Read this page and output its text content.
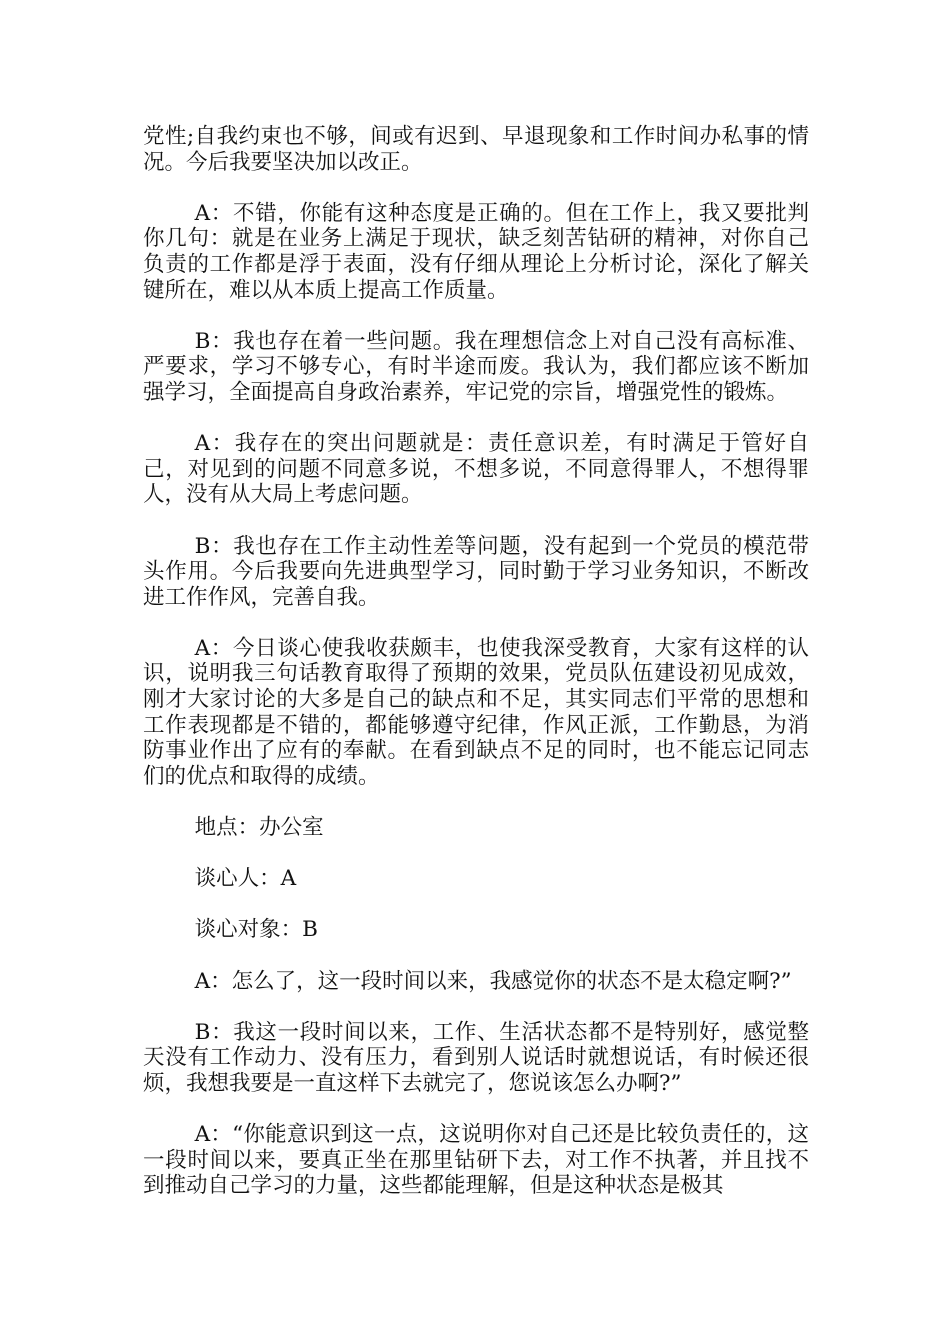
党性;自我约束也不够，间或有迟到、早退现象和工作时间办私事的情况。今后我要坚决加以改正。

A：不错，你能有这种态度是正确的。但在工作上，我又要批判你几句：就是在业务上满足于现状，缺乏刻苦钻研的精神，对你自己负责的工作都是浮于表面，没有仔细从理论上分析讨论，深化了解关键所在，难以从本质上提高工作质量。

B：我也存在着一些问题。我在理想信念上对自己没有高标准、严要求，学习不够专心，有时半途而废。我认为，我们都应该不断加强学习，全面提高自身政治素养，牢记党的宗旨，增强党性的锻炼。

A：我存在的突出问题就是：责任意识差，有时满足于管好自己，对见到的问题不同意多说，不想多说，不同意得罪人，不想得罪人，没有从大局上考虑问题。

B：我也存在工作主动性差等问题，没有起到一个党员的模范带头作用。今后我要向先进典型学习，同时勤于学习业务知识，不断改进工作作风，完善自我。

A：今日谈心使我收获颇丰，也使我深受教育，大家有这样的认识，说明我三句话教育取得了预期的效果，党员队伍建设初见成效，刚才大家讨论的大多是自己的缺点和不足，其实同志们平常的思想和工作表现都是不错的，都能够遵守纪律，作风正派，工作勤恳，为消防事业作出了应有的奉献。在看到缺点不足的同时，也不能忘记同志们的优点和取得的成绩。

地点：办公室

谈心人：A

谈心对象：B

A：怎么了，这一段时间以来，我感觉你的状态不是太稳定啊?”

B：我这一段时间以来，工作、生活状态都不是特别好，感觉整天没有工作动力、没有压力，看到别人说话时就想说话，有时候还很烦，我想我要是一直这样下去就完了，您说该怎么办啊?”

A：“你能意识到这一点，这说明你对自己还是比较负责任的，这一段时间以来，要真正坐在那里钻研下去，对工作不执著，并且找不到推动自己学习的力量，这些都能理解，但是这种状态是极其
